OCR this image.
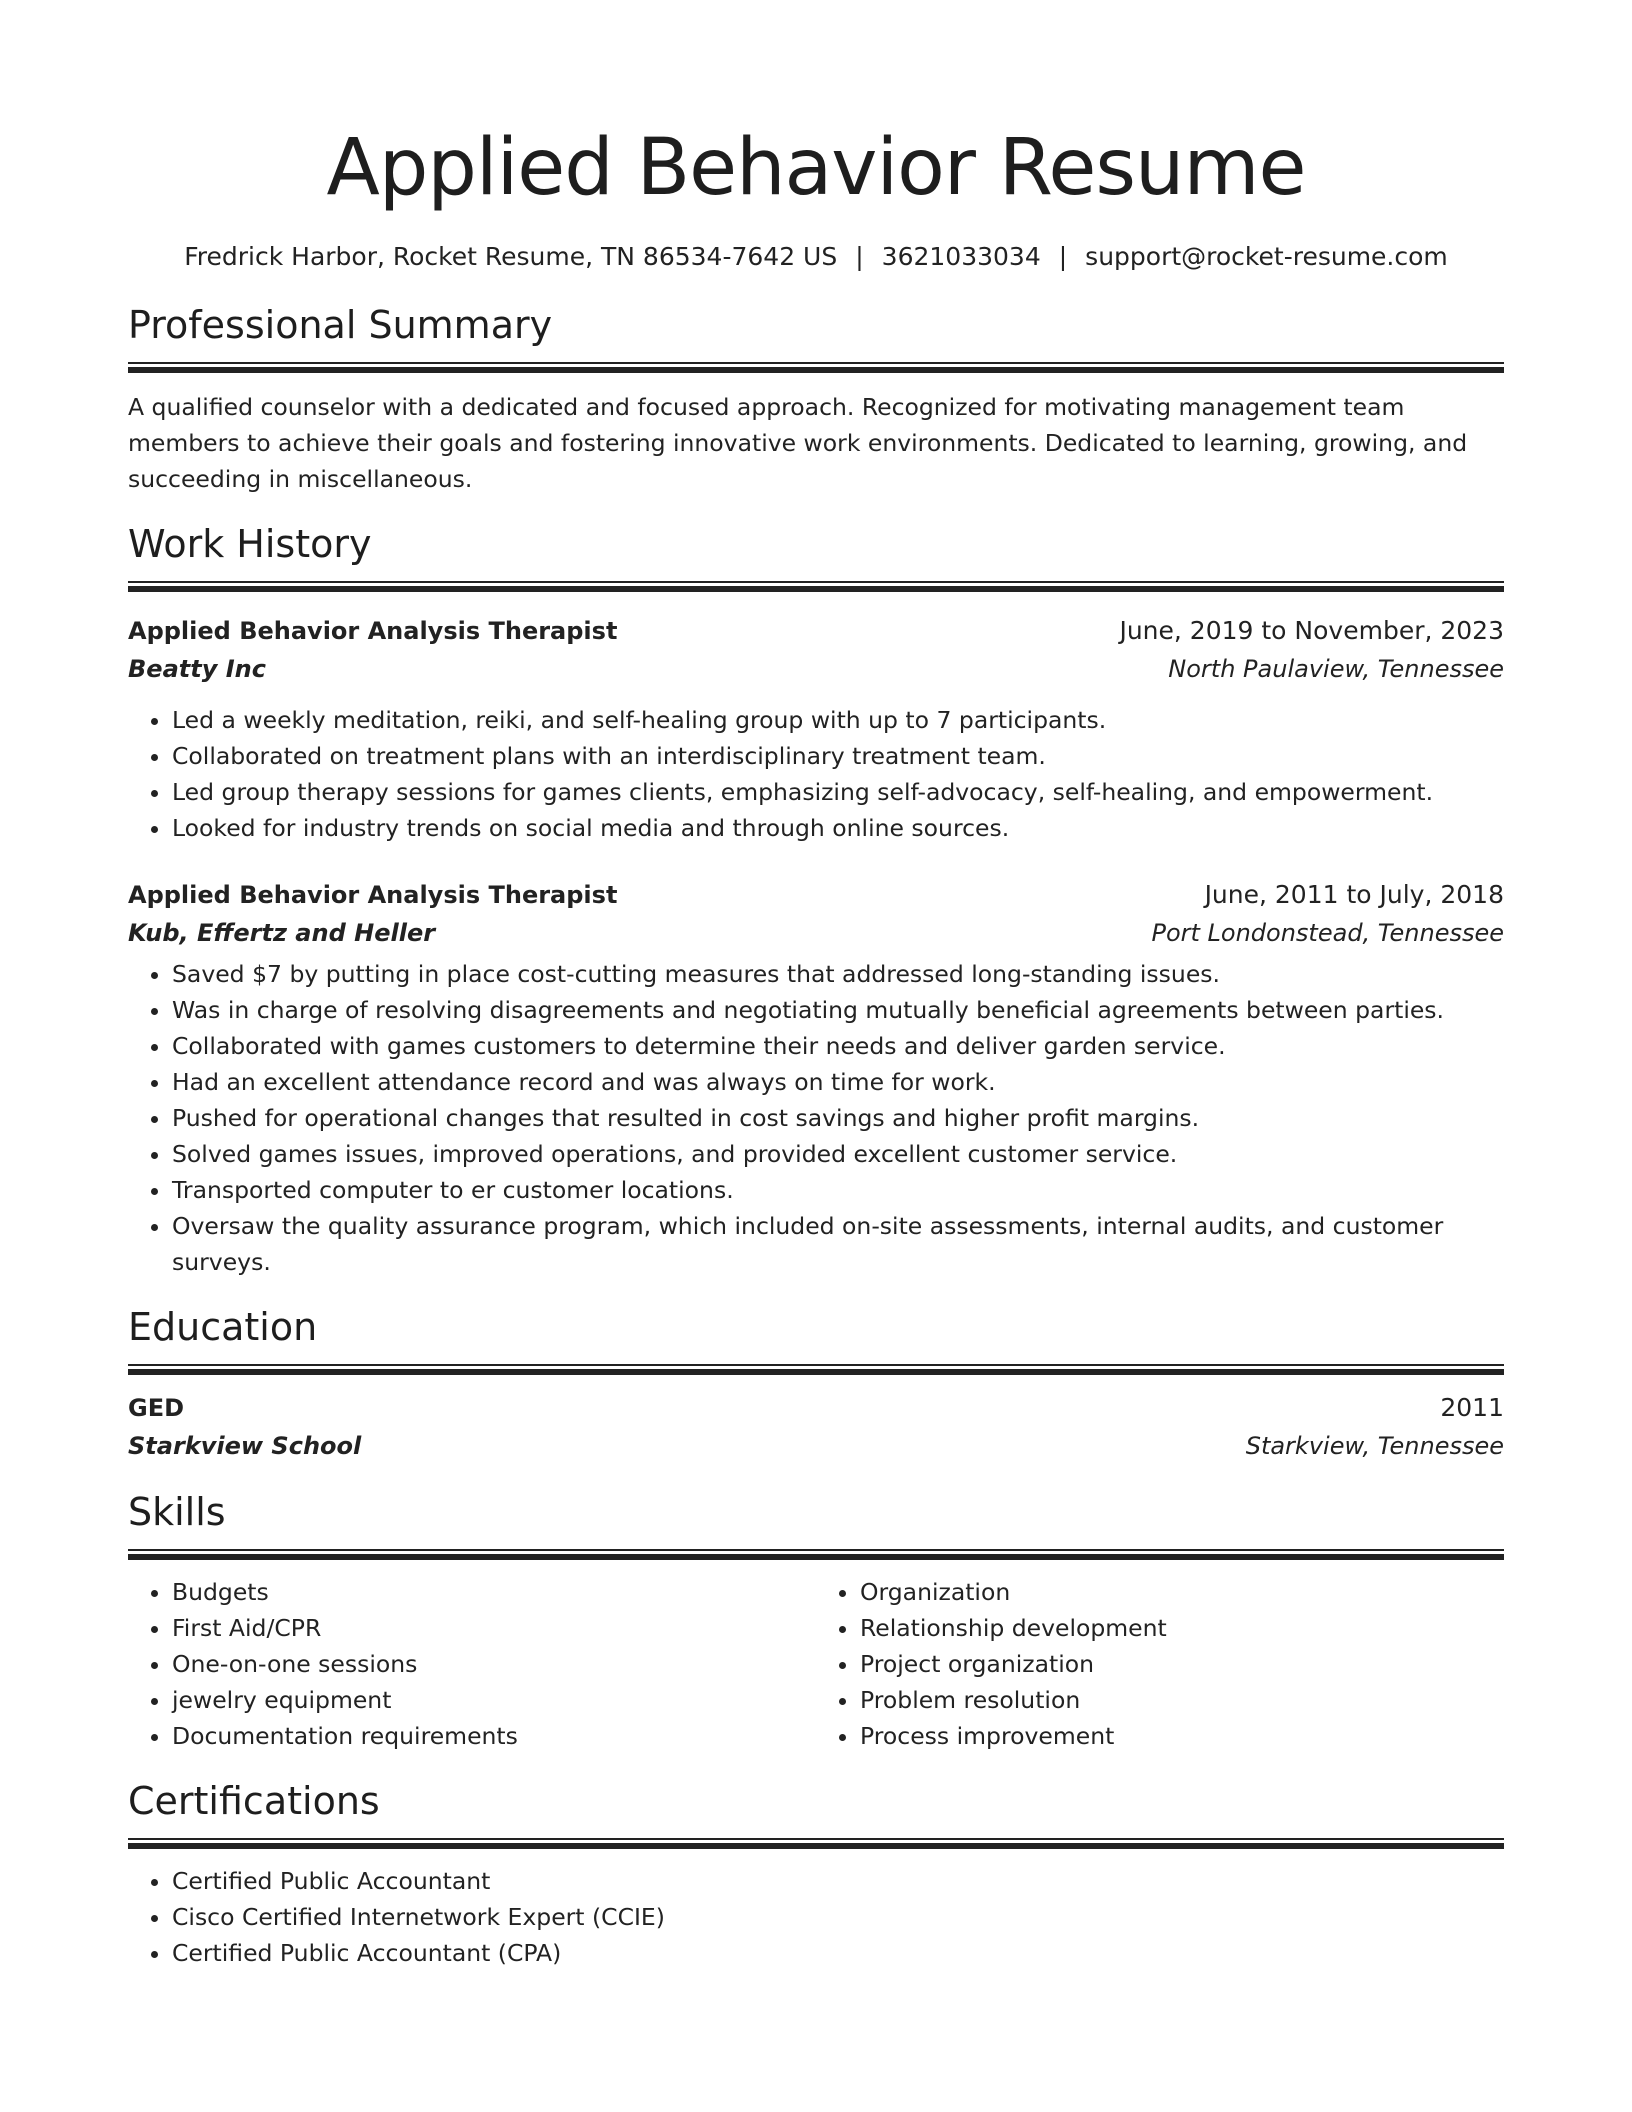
Applied Behavior Resume
Fredrick Harbor, Rocket Resume, TN 86534-7642 US | 3621033034 | support@rocket-resume.com
Professional Summary
A qualified counselor with a dedicated and focused approach. Recognized for motivating management team members to achieve their goals and fostering innovative work environments. Dedicated to learning, growing, and succeeding in miscellaneous.
Work History
Applied Behavior Analysis Therapist	June, 2019 to November, 2023
Beatty Inc	North Paulaview, Tennessee
• Led a weekly meditation, reiki, and self-healing group with up to 7 participants.
• Collaborated on treatment plans with an interdisciplinary treatment team.
• Led group therapy sessions for games clients, emphasizing self-advocacy, self-healing, and empowerment.
• Looked for industry trends on social media and through online sources.
Applied Behavior Analysis Therapist	June, 2011 to July, 2018
Kub, Effertz and Heller	Port Londonstead, Tennessee
• Saved $7 by putting in place cost-cutting measures that addressed long-standing issues.
• Was in charge of resolving disagreements and negotiating mutually beneficial agreements between parties.
• Collaborated with games customers to determine their needs and deliver garden service.
• Had an excellent attendance record and was always on time for work.
• Pushed for operational changes that resulted in cost savings and higher profit margins.
• Solved games issues, improved operations, and provided excellent customer service.
• Transported computer to er customer locations.
• Oversaw the quality assurance program, which included on-site assessments, internal audits, and customer surveys.
Education
GED	2011
Starkview School	Starkview, Tennessee
Skills
• Budgets
• First Aid/CPR
• One-on-one sessions
• jewelry equipment
• Documentation requirements
• Organization
• Relationship development
• Project organization
• Problem resolution
• Process improvement
Certifications
• Certified Public Accountant
• Cisco Certified Internetwork Expert (CCIE)
• Certified Public Accountant (CPA)
